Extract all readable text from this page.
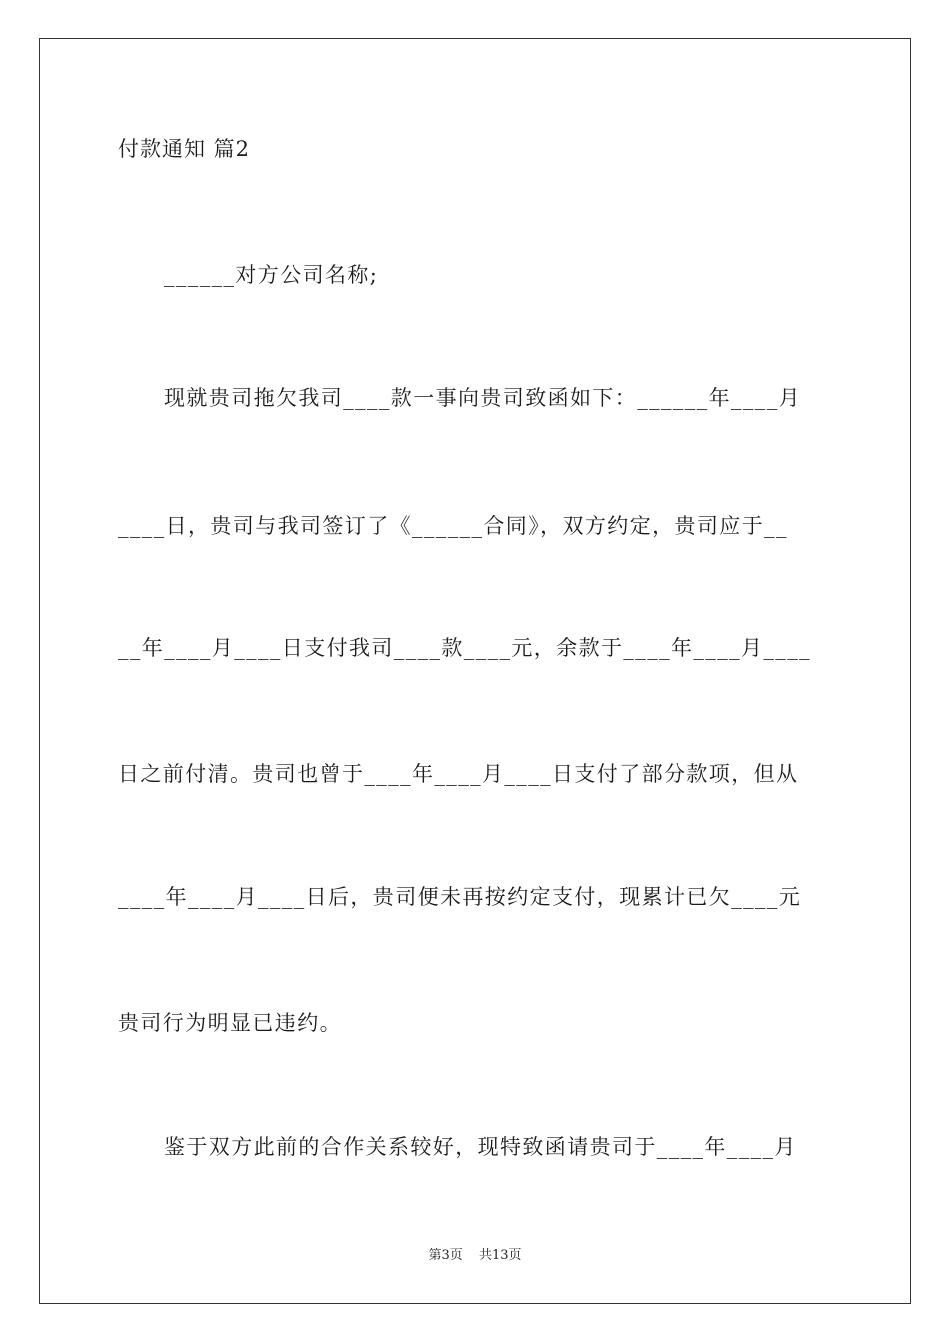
付款通知 篇2
______对方公司名称;
现就贵司拖欠我司____款一事向贵司致函如下：______年____月
____日，贵司与我司签订了《______合同》，双方约定，贵司应于__
__年____月____日支付我司____款____元，余款于____年____月____
日之前付清。贵司也曾于____年____月____日支付了部分款项，但从
____年____月____日后，贵司便未再按约定支付，现累计已欠____元
贵司行为明显已违约。
鉴于双方此前的合作关系较好，现特致函请贵司于____年____月
第3页 共13页
